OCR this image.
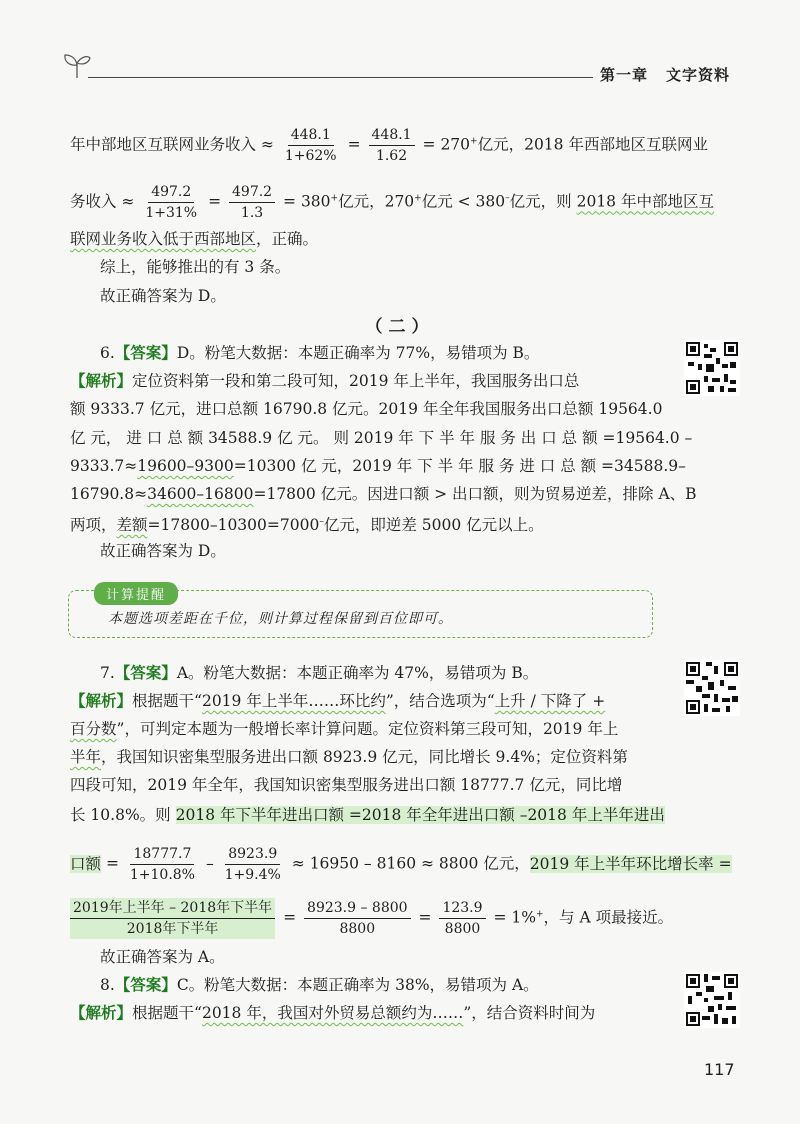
第一章 文字资料
年中部地区互联网业务收入 ≈ $\frac{448.1}{1+62\%} = \frac{448.1}{1.62} = 270^+$亿元，2018 年西部地区互联网业
务收入 ≈ $\frac{497.2}{1+31\%} = \frac{497.2}{1.3} = 380^+$亿元，270+亿元 < 380–亿元，则 2018 年中部地区互
联网业务收入低于西部地区，正确。
综上，能够推出的有 3 条。
故正确答案为 D。
（二）
6.【答案】D。粉笔大数据：本题正确率为 77%，易错项为 B。
【解析】定位资料第一段和第二段可知，2019 年上半年，我国服务出口总
额 9333.7 亿元，进口总额 16790.8 亿元。2019 年全年我国服务出口总额 19564.0
亿 元， 进 口 总 额 34588.9 亿 元。 则 2019 年 下 半 年 服 务 出 口 总 额 =19564.0 –
9333.7≈19600–9300=10300 亿 元，2019 年 下 半 年 服 务 进 口 总 额 =34588.9–
16790.8≈34600–16800=17800 亿元。因进口额 > 出口额，则为贸易逆差，排除 A、B
两项，差额=17800–10300=7000–亿元，即逆差 5000 亿元以上。
故正确答案为 D。
计算提醒
本题选项差距在千位，则计算过程保留到百位即可。
7.【答案】A。粉笔大数据：本题正确率为 47%，易错项为 B。
【解析】根据题干“2019 年上半年……环比约”，结合选项为“上升 / 下降了 +
百分数”，可判定本题为一般增长率计算问题。定位资料第三段可知，2019 年上
半年，我国知识密集型服务进出口额 8923.9 亿元，同比增长 9.4%；定位资料第
四段可知，2019 年全年，我国知识密集型服务进出口额 18777.7 亿元，同比增
长 10.8%。则 2018 年下半年进出口额 =2018 年全年进出口额 –2018 年上半年进出
口额 = $\frac{18777.7}{1+10.8\%} - \frac{8923.9}{1+9.4\%} \approx 16950 - 8160 \approx 8800$ 亿元，2019 年上半年环比增长率 =
$\frac{\text{2019年上半年 – 2018年下半年}}{\text{2018年下半年}} = \frac{8923.9 - 8800}{8800} = \frac{123.9}{8800} = 1\%^+$，与 A 项最接近。
故正确答案为 A。
8.【答案】C。粉笔大数据：本题正确率为 38%，易错项为 A。
【解析】根据题干“2018 年，我国对外贸易总额约为……”，结合资料时间为
117
